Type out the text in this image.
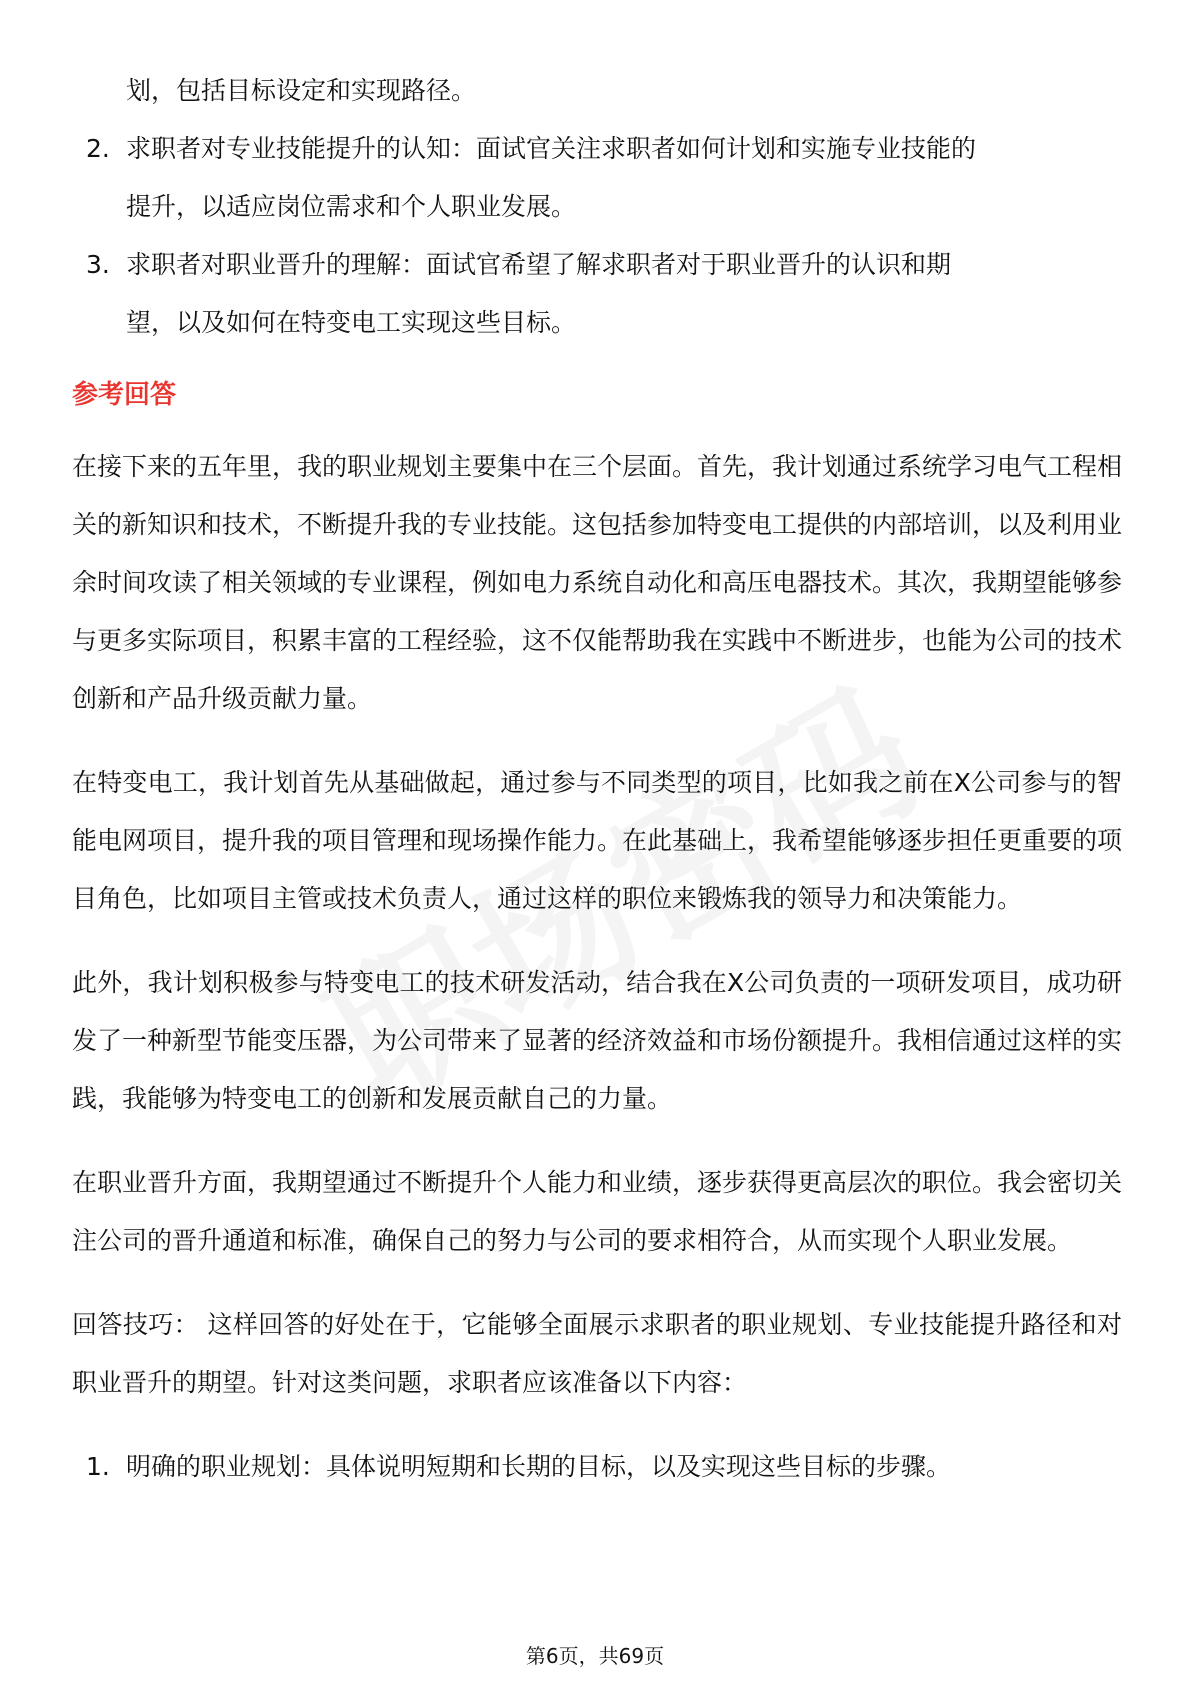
划，包括目标设定和实现路径。
2. 求职者对专业技能提升的认知：面试官关注求职者如何计划和实施专业技能的
提升，以适应岗位需求和个人职业发展。
3. 求职者对职业晋升的理解：面试官希望了解求职者对于职业晋升的认识和期
望，以及如何在特变电工实现这些目标。
参考回答

在接下来的五年里，我的职业规划主要集中在三个层面。首先，我计划通过系统学习电气工程相关的新知识和技术，不断提升我的专业技能。这包括参加特变电工提供的内部培训，以及利用业余时间攻读了相关领域的专业课程，例如电力系统自动化和高压电器技术。其次，我期望能够参与更多实际项目，积累丰富的工程经验，这不仅能帮助我在实践中不断进步，也能为公司的技术创新和产品升级贡献力量。

在特变电工，我计划首先从基础做起，通过参与不同类型的项目，比如我之前在X公司参与的智能电网项目，提升我的项目管理和现场操作能力。在此基础上，我希望能够逐步担任更重要的项目角色，比如项目主管或技术负责人，通过这样的职位来锻炼我的领导力和决策能力。

此外，我计划积极参与特变电工的技术研发活动，结合我在X公司负责的一项研发项目，成功研发了一种新型节能变压器，为公司带来了显著的经济效益和市场份额提升。我相信通过这样的实践，我能够为特变电工的创新和发展贡献自己的力量。

在职业晋升方面，我期望通过不断提升个人能力和业绩，逐步获得更高层次的职位。我会密切关注公司的晋升通道和标准，确保自己的努力与公司的要求相符合，从而实现个人职业发展。

回答技巧： 这样回答的好处在于，它能够全面展示求职者的职业规划、专业技能提升路径和对职业晋升的期望。针对这类问题，求职者应该准备以下内容：

1. 明确的职业规划：具体说明短期和长期的目标，以及实现这些目标的步骤。
第6页，共69页
